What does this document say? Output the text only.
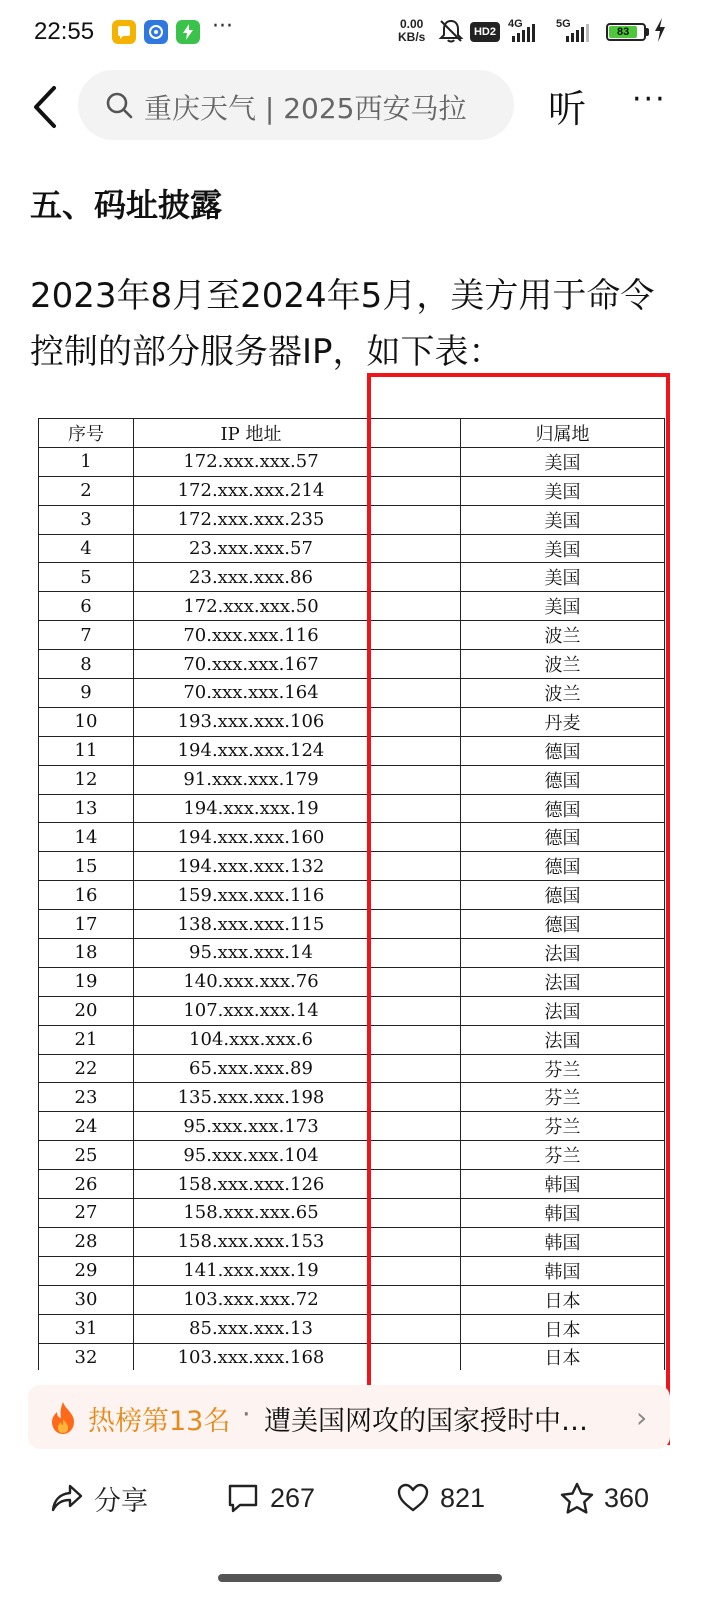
22:55	···	0.00
KB/s	HD2
4G	5G
83
重庆天气 | 2025西安马拉	听 ···
五、码址披露
2023年8月至2024年5月，美方用于命令控制的部分服务器IP，如下表：
序号	IP 地址		归属地
1	172.xxx.xxx.57		美国
2	172.xxx.xxx.214		美国
3	172.xxx.xxx.235		美国
4	23.xxx.xxx.57		美国
5	23.xxx.xxx.86		美国
6	172.xxx.xxx.50		美国
7	70.xxx.xxx.116		波兰
8	70.xxx.xxx.167		波兰
9	70.xxx.xxx.164		波兰
10	193.xxx.xxx.106		丹麦
11	194.xxx.xxx.124		德国
12	91.xxx.xxx.179		德国
13	194.xxx.xxx.19		德国
14	194.xxx.xxx.160		德国
15	194.xxx.xxx.132		德国
16	159.xxx.xxx.116		德国
17	138.xxx.xxx.115		德国
18	95.xxx.xxx.14		法国
19	140.xxx.xxx.76		法国
20	107.xxx.xxx.14		法国
21	104.xxx.xxx.6		法国
22	65.xxx.xxx.89		芬兰
23	135.xxx.xxx.198		芬兰
24	95.xxx.xxx.173		芬兰
25	95.xxx.xxx.104		芬兰
26	158.xxx.xxx.126		韩国
27	158.xxx.xxx.65		韩国
28	158.xxx.xxx.153		韩国
29	141.xxx.xxx.19		韩国
30	103.xxx.xxx.72		日本
31	85.xxx.xxx.13		日本
32	103.xxx.xxx.168		日本
热榜第13名 · 遭美国网攻的国家授时中… ›
分享	267	821	360
